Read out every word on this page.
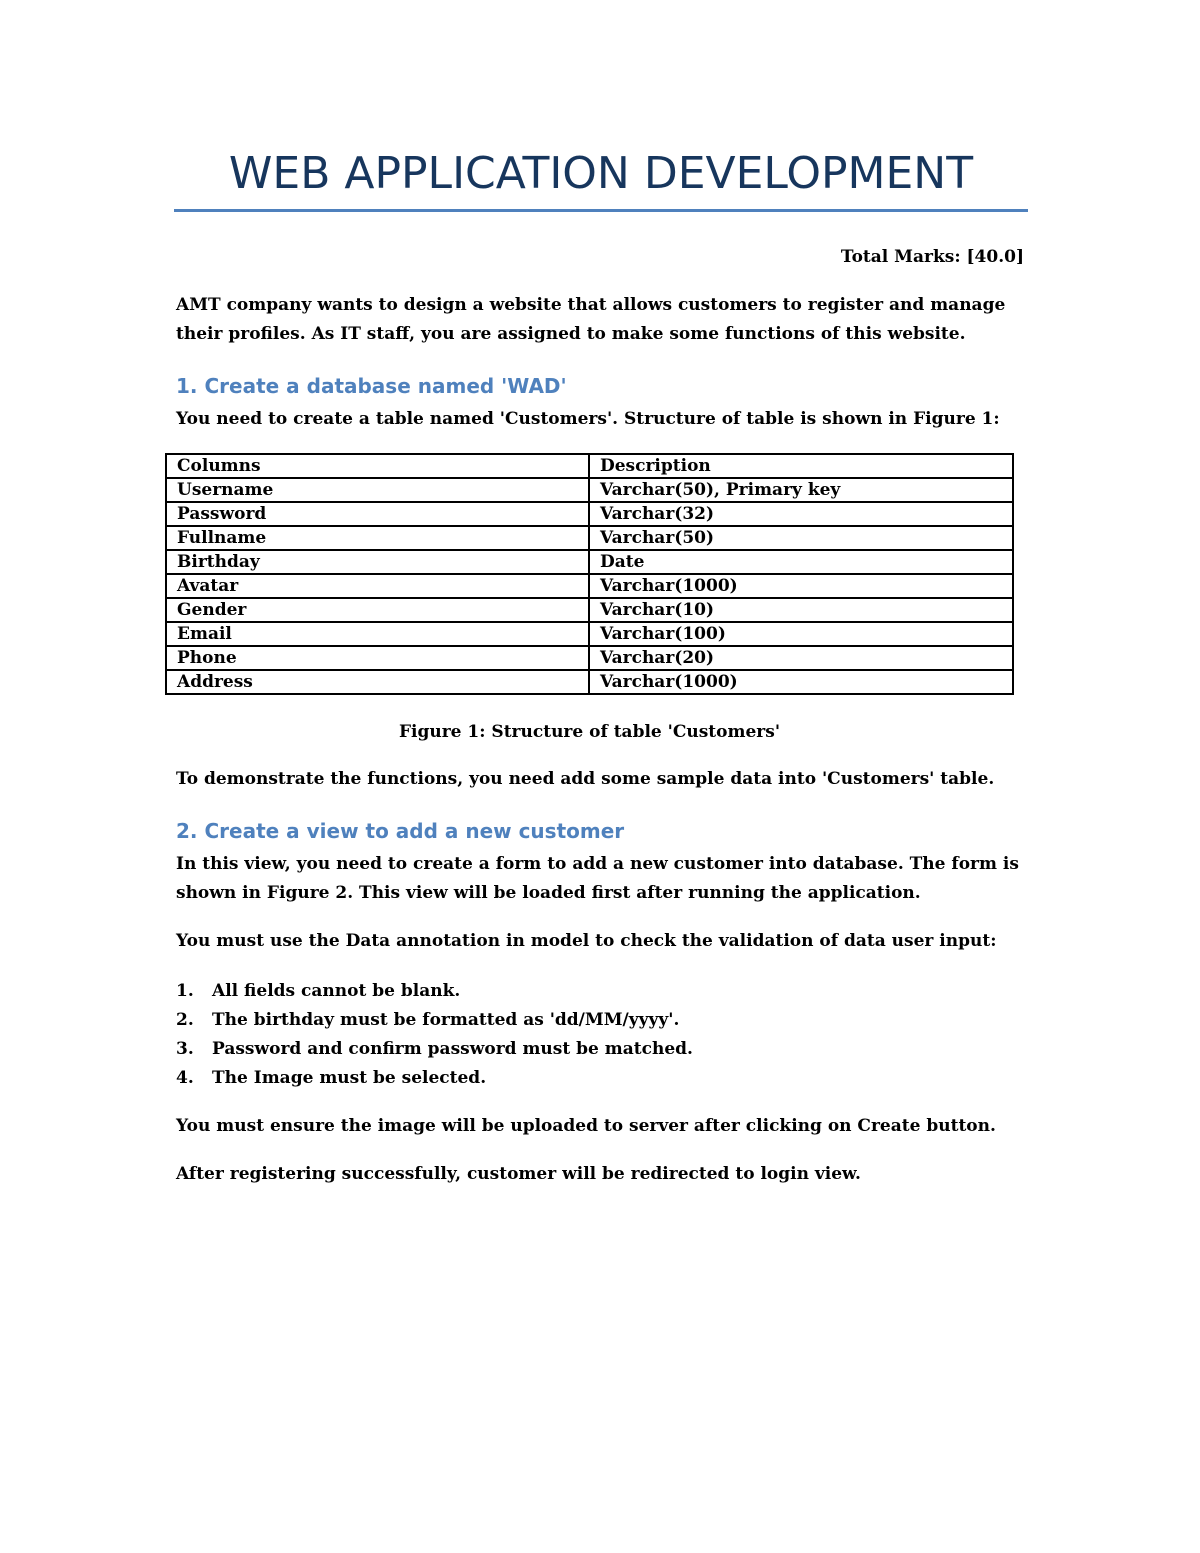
WEB APPLICATION DEVELOPMENT
Total Marks: [40.0]
AMT company wants to design a website that allows customers to register and manage
their profiles. As IT staff, you are assigned to make some functions of this website.
1. Create a database named 'WAD'
You need to create a table named 'Customers'. Structure of table is shown in Figure 1:
Columns	Description
Username	Varchar(50), Primary key
Password	Varchar(32)
Fullname	Varchar(50)
Birthday	Date
Avatar	Varchar(1000)
Gender	Varchar(10)
Email	Varchar(100)
Phone	Varchar(20)
Address	Varchar(1000)
Figure 1: Structure of table 'Customers'
To demonstrate the functions, you need add some sample data into 'Customers' table.
2. Create a view to add a new customer
In this view, you need to create a form to add a new customer into database. The form is
shown in Figure 2. This view will be loaded first after running the application.
You must use the Data annotation in model to check the validation of data user input:
1. All fields cannot be blank.
2. The birthday must be formatted as 'dd/MM/yyyy'.
3. Password and confirm password must be matched.
4. The Image must be selected.
You must ensure the image will be uploaded to server after clicking on Create button.
After registering successfully, customer will be redirected to login view.
